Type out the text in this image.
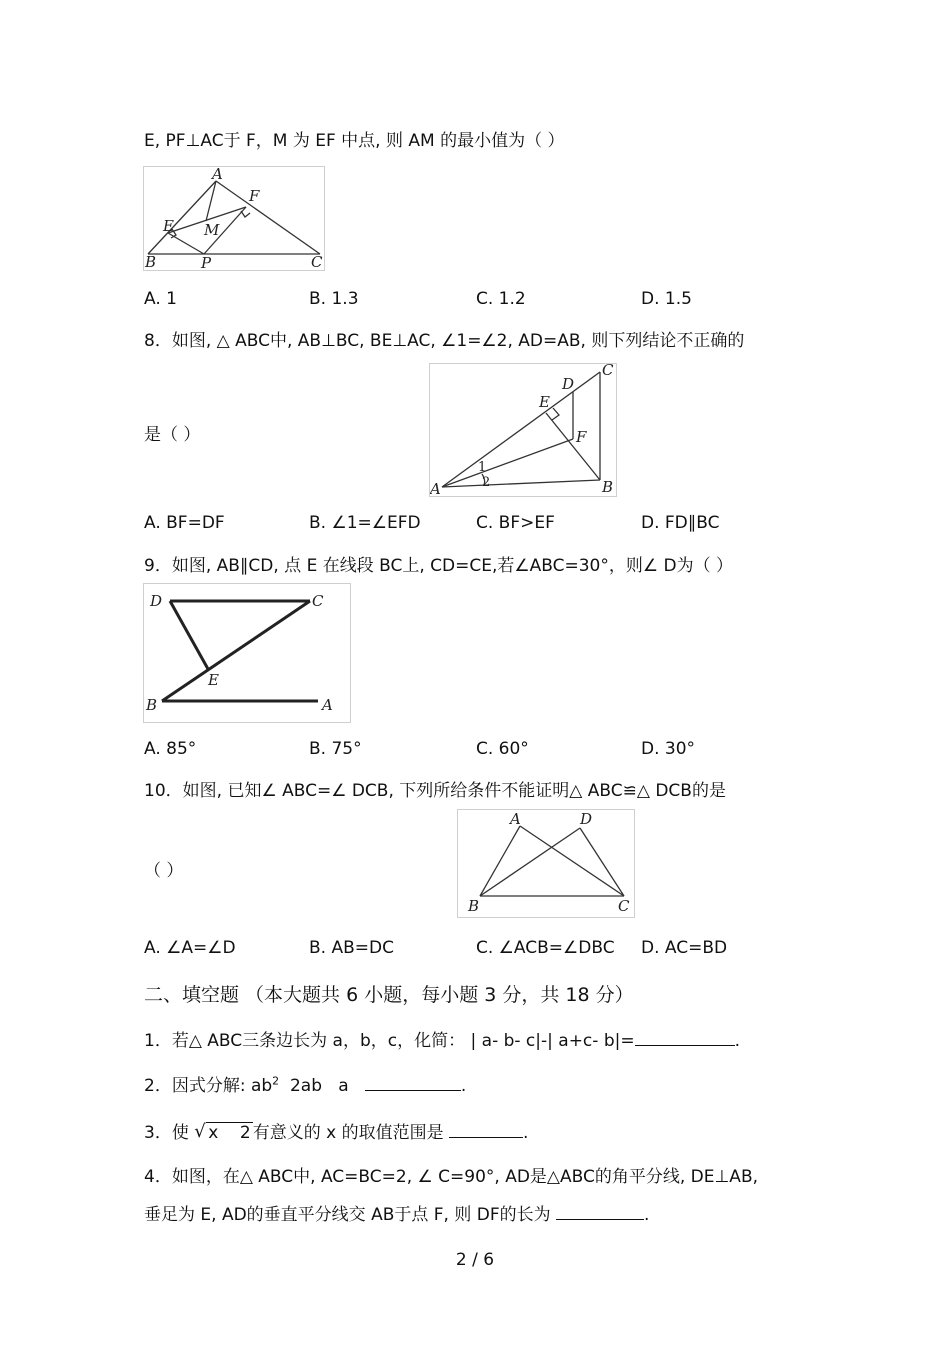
E, PF⊥AC于 F，M 为 EF 中点, 则 AM 的最小值为（ ）
A
E M
F
B	P	C
A. 1	B. 1.3	C. 1.2	D. 1.5
8．如图, △ ABC中, AB⊥BC, BE⊥AC, ∠1=∠2, AD=AB, 则下列结论不正确的
是（ ）
D
C
E
F
1
2
A	B
A. BF=DF	B. ∠1=∠EFD	C. BF>EF	D. FD∥BC
9．如图, AB∥CD, 点 E 在线段 BC上, CD=CE,若∠ABC=30°，则∠ D为（ ）
D	C
E
B	A
A. 85°	B. 75°	C. 60°	D. 30°
10．如图, 已知∠ ABC=∠ DCB, 下列所给条件不能证明△ ABC≌△ DCB的是
（ ）
A	D
B	C
A. ∠A=∠D	B. AB=DC	C. ∠ACB=∠DBC D. AC=BD
二、填空题 （本大题共 6 小题，每小题 3 分，共 18 分）
1．若△ ABC三条边长为 a，b，c，化简： | a- b- c|-| a+c- b|=	.
2．因式分解: $ab^2$  2ab   a	.
3．使 √ x    2 有意义的 x 的取值范围是	.
4．如图，在△ ABC中, AC=BC=2, ∠ C=90°, AD是△ABC的角平分线, DE⊥AB,
垂足为 E, AD的垂直平分线交 AB于点 F, 则 DF的长为	.
2 / 6
